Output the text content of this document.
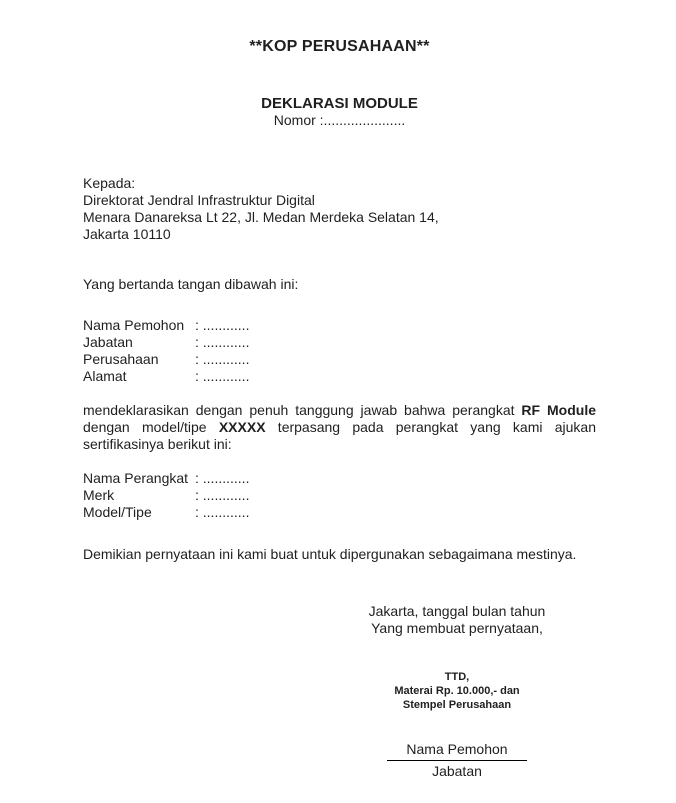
**KOP PERUSAHAAN**
DEKLARASI MODULE
Nomor :.....................
Kepada:
Direktorat Jendral Infrastruktur Digital
Menara Danareksa Lt 22, Jl. Medan Merdeka Selatan 14,
Jakarta 10110
Yang bertanda tangan dibawah ini:
Nama Pemohon : ............
Jabatan	: ............
Perusahaan	: ............
Alamat	: ............
mendeklarasikan dengan penuh tanggung jawab bahwa perangkat RF Module dengan model/tipe XXXXX terpasang pada perangkat yang kami ajukan sertifikasinya berikut ini:
Nama Perangkat : ............
Merk	: ............
Model/Tipe	: ............
Demikian pernyataan ini kami buat untuk dipergunakan sebagaimana mestinya.
Jakarta, tanggal bulan tahun
Yang membuat pernyataan,
TTD,
Materai Rp. 10.000,- dan
Stempel Perusahaan
Nama Pemohon
Jabatan
